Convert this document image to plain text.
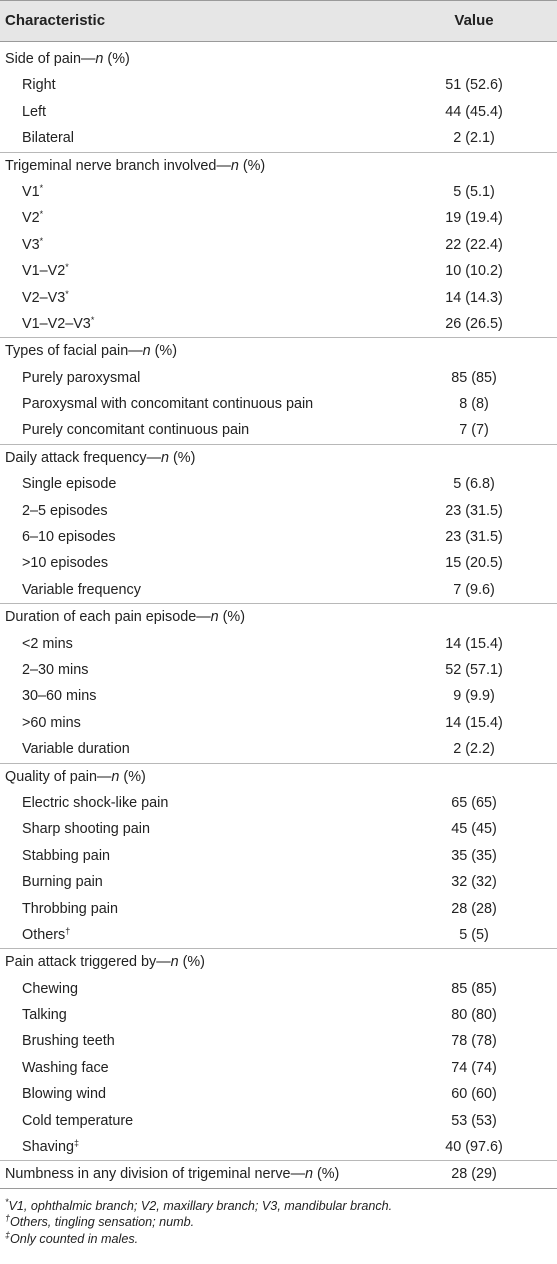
Characteristic	Value
Side of pain—n (%)
Right	51 (52.6)
Left	44 (45.4)
Bilateral	2 (2.1)
Trigeminal nerve branch involved—n (%)
V1*	5 (5.1)
V2*	19 (19.4)
V3*	22 (22.4)
V1–V2*	10 (10.2)
V2–V3*	14 (14.3)
V1–V2–V3*	26 (26.5)
Types of facial pain—n (%)
Purely paroxysmal	85 (85)
Paroxysmal with concomitant continuous pain	8 (8)
Purely concomitant continuous pain	7 (7)
Daily attack frequency—n (%)
Single episode	5 (6.8)
2–5 episodes	23 (31.5)
6–10 episodes	23 (31.5)
>10 episodes	15 (20.5)
Variable frequency	7 (9.6)
Duration of each pain episode—n (%)
<2 mins	14 (15.4)
2–30 mins	52 (57.1)
30–60 mins	9 (9.9)
>60 mins	14 (15.4)
Variable duration	2 (2.2)
Quality of pain—n (%)
Electric shock-like pain	65 (65)
Sharp shooting pain	45 (45)
Stabbing pain	35 (35)
Burning pain	32 (32)
Throbbing pain	28 (28)
Others†	5 (5)
Pain attack triggered by—n (%)
Chewing	85 (85)
Talking	80 (80)
Brushing teeth	78 (78)
Washing face	74 (74)
Blowing wind	60 (60)
Cold temperature	53 (53)
Shaving‡	40 (97.6)
Numbness in any division of trigeminal nerve—n (%)	28 (29)
*V1, ophthalmic branch; V2, maxillary branch; V3, mandibular branch.
†Others, tingling sensation; numb.
‡Only counted in males.
